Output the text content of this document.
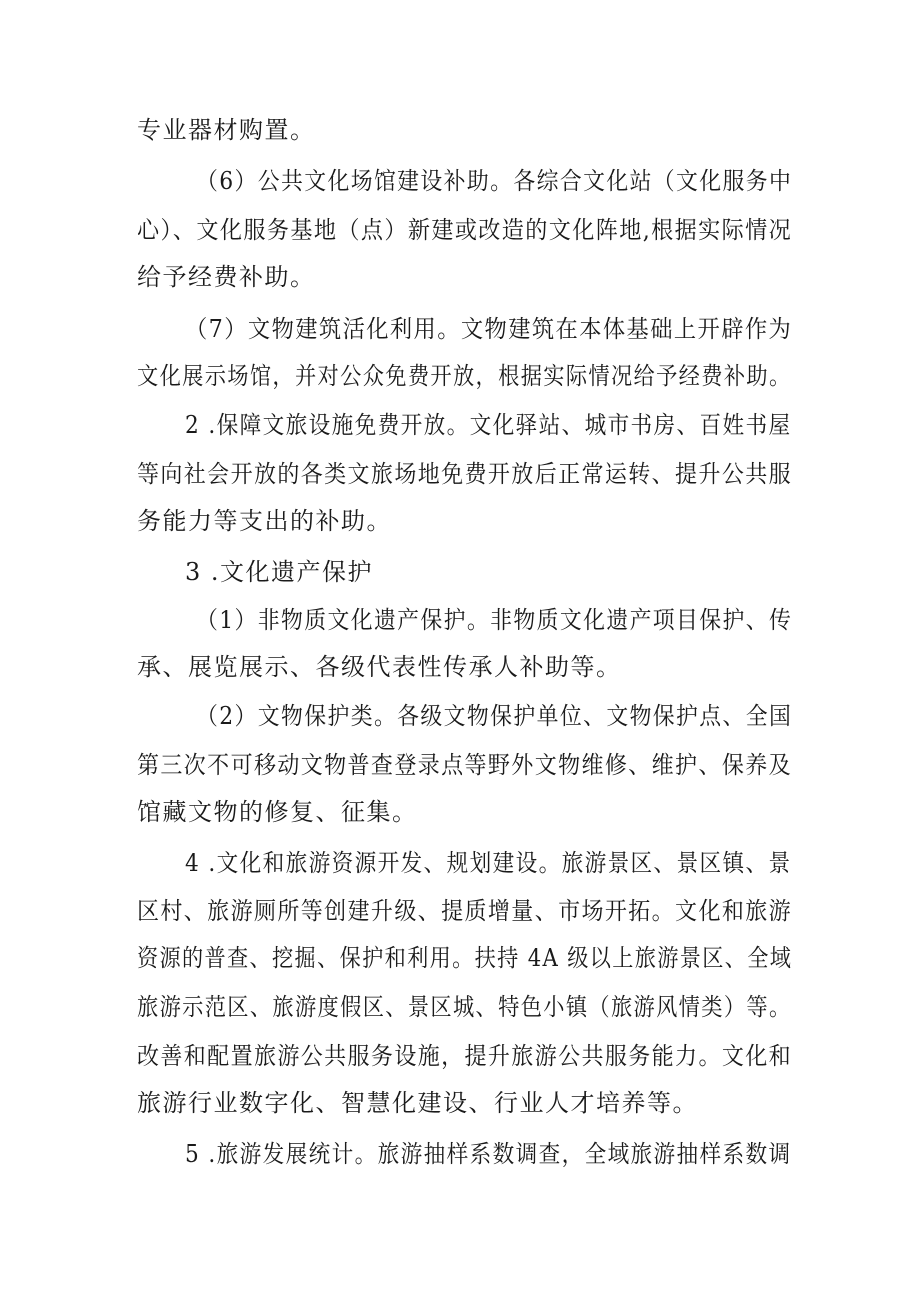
专业器材购置。
（6）公共文化场馆建设补助。各综合文化站（文化服务中
心）、文化服务基地（点）新建或改造的文化阵地,根据实际情况
给予经费补助。
（7）文物建筑活化利用。文物建筑在本体基础上开辟作为
文化展示场馆，并对公众免费开放，根据实际情况给予经费补助。
2 .保障文旅设施免费开放。文化驿站、城市书房、百姓书屋
等向社会开放的各类文旅场地免费开放后正常运转、提升公共服
务能力等支出的补助。
3 .文化遗产保护
（1）非物质文化遗产保护。非物质文化遗产项目保护、传
承、展览展示、各级代表性传承人补助等。
（2）文物保护类。各级文物保护单位、文物保护点、全国
第三次不可移动文物普查登录点等野外文物维修、维护、保养及
馆藏文物的修复、征集。
4 .文化和旅游资源开发、规划建设。旅游景区、景区镇、景
区村、旅游厕所等创建升级、提质增量、市场开拓。文化和旅游
资源的普查、挖掘、保护和利用。扶持 4A 级以上旅游景区、全域
旅游示范区、旅游度假区、景区城、特色小镇（旅游风情类）等。
改善和配置旅游公共服务设施，提升旅游公共服务能力。文化和
旅游行业数字化、智慧化建设、行业人才培养等。
5 .旅游发展统计。旅游抽样系数调查，全域旅游抽样系数调
